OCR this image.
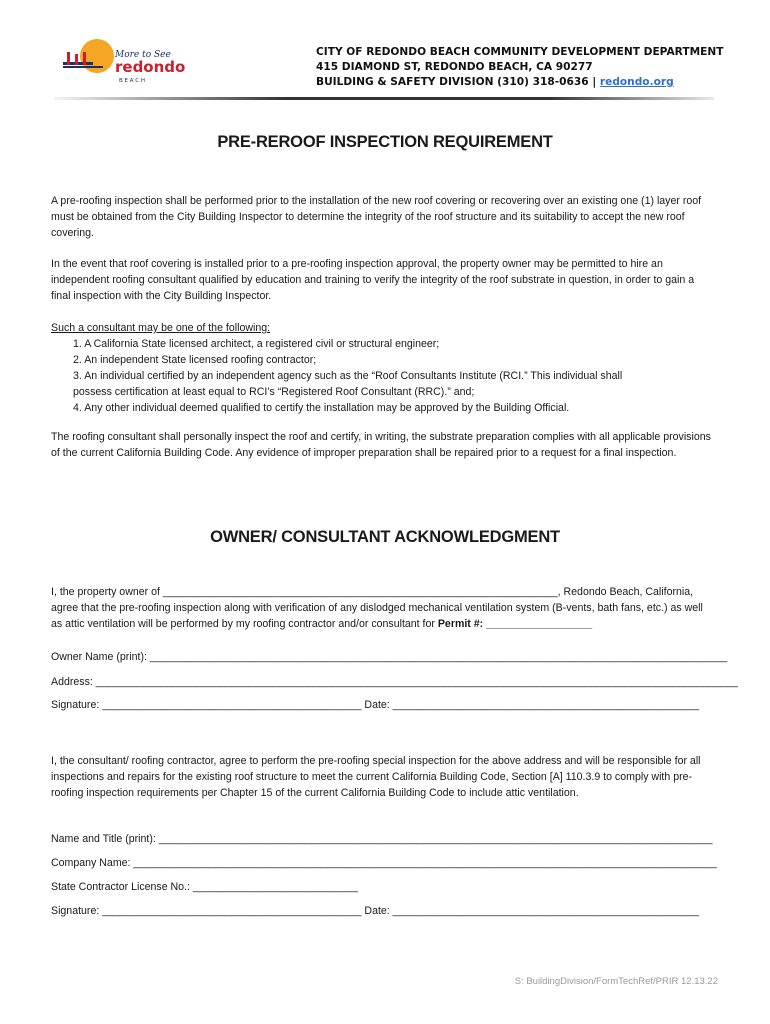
More to See
redondo
B E A C H
CITY OF REDONDO BEACH COMMUNITY DEVELOPMENT DEPARTMENT
415 DIAMOND ST, REDONDO BEACH, CA 90277
BUILDING & SAFETY DIVISION (310) 318-0636 | redondo.org
PRE-REROOF INSPECTION REQUIREMENT

A pre-roofing inspection shall be performed prior to the installation of the new roof covering or recovering over an existing one (1) layer roof must be obtained from the City Building Inspector to determine the integrity of the roof structure and its suitability to accept the new roof covering.

In the event that roof covering is installed prior to a pre-roofing inspection approval, the property owner may be permitted to hire an independent roofing consultant qualified by education and training to verify the integrity of the roof substrate in question, in order to gain a final inspection with the City Building Inspector.

Such a consultant may be one of the following:
1. A California State licensed architect, a registered civil or structural engineer;
2. An independent State licensed roofing contractor;
3. An individual certified by an independent agency such as the “Roof Consultants Institute (RCI.” This individual shall
possess certification at least equal to RCI’s “Registered Roof Consultant (RRC).” and;
4. Any other individual deemed qualified to certify the installation may be approved by the Building Official.

The roofing consultant shall personally inspect the roof and certify, in writing, the substrate preparation complies with all applicable provisions of the current California Building Code. Any evidence of improper preparation shall be repaired prior to a request for a final inspection.

OWNER/ CONSULTANT ACKNOWLEDGMENT

I, the property owner of ___________________________________________________________________, Redondo Beach, California, agree that the pre-roofing inspection along with verification of any dislodged mechanical ventilation system (B-vents, bath fans, etc.) as well as attic ventilation will be performed by my roofing contractor and/or consultant for Permit #: __________________

Owner Name (print): __________________________________________________________________________________________________
Address: _____________________________________________________________________________________________________________
Signature: ____________________________________________ Date: ____________________________________________________

I, the consultant/ roofing contractor, agree to perform the pre-roofing special inspection for the above address and will be responsible for all inspections and repairs for the existing roof structure to meet the current California Building Code, Section [A] 110.3.9 to comply with pre-roofing inspection requirements per Chapter 15 of the current California Building Code to include attic ventilation.

Name and Title (print): ______________________________________________________________________________________________
Company Name: ___________________________________________________________________________________________________
State Contractor License No.: ____________________________
Signature: ____________________________________________ Date: ____________________________________________________
S: BuildingDivision/FormTechRef/PRIR 12.13.22
